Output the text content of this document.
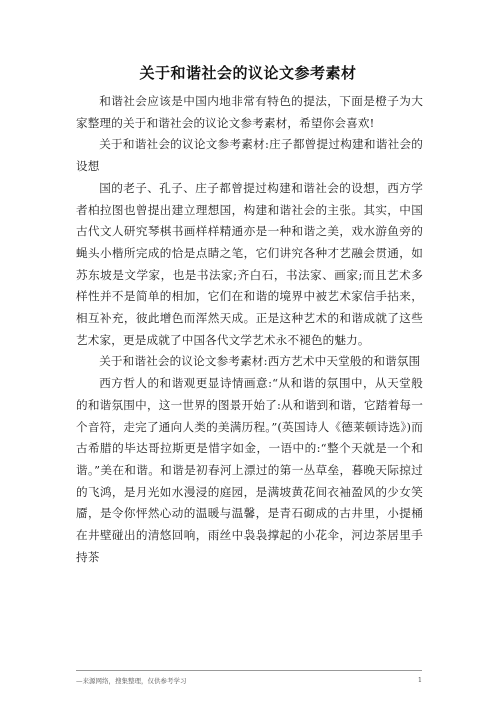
关于和谐社会的议论文参考素材

和谐社会应该是中国内地非常有特色的提法，下面是橙子为大家整理的关于和谐社会的议论文参考素材，希望你会喜欢!

关于和谐社会的议论文参考素材:庄子都曾提过构建和谐社会的设想

国的老子、孔子、庄子都曾提过构建和谐社会的设想，西方学者柏拉图也曾提出建立理想国，构建和谐社会的主张。其实，中国古代文人研究琴棋书画样样精通亦是一种和谐之美，戏水游鱼旁的蝇头小楷所完成的恰是点睛之笔，它们讲究各种才艺融会贯通，如苏东坡是文学家，也是书法家;齐白石，书法家、画家;而且艺术多样性并不是简单的相加，它们在和谐的境界中被艺术家信手拈来，相互补充，彼此增色而浑然天成。正是这种艺术的和谐成就了这些艺术家，更是成就了中国各代文学艺术永不褪色的魅力。

关于和谐社会的议论文参考素材:西方艺术中天堂般的和谐氛围

西方哲人的和谐观更显诗情画意:“从和谐的氛围中，从天堂般的和谐氛围中，这一世界的图景开始了:从和谐到和谐，它踏着每一个音符，走完了通向人类的美满历程。”(英国诗人《德莱顿诗选》)而古希腊的毕达哥拉斯更是惜字如金，一语中的:“整个天就是一个和谐。”美在和谐。和谐是初春河上漂过的第一丛草垒，暮晚天际掠过的飞鸿，是月光如水漫浸的庭园，是满坡黄花间衣袖盈风的少女笑靥，是令你怦然心动的温暖与温馨，是青石砌成的古井里，小提桶在井壁碰出的清悠回响，雨丝中袅袅撑起的小花伞，河边茶居里手持茶

—来源网络，搜集整理，仅供参考学习	1
